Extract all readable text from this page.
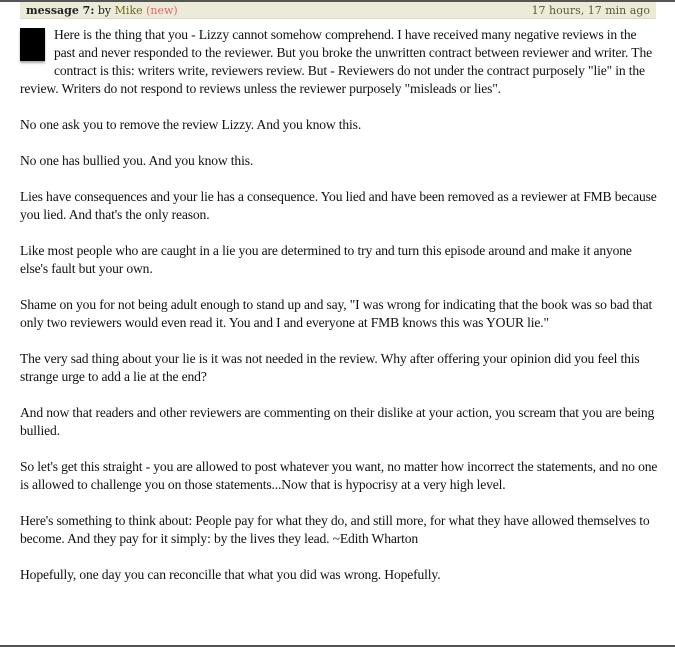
message 7: by Mike (new)	17 hours, 17 min ago

Here is the thing that you - Lizzy cannot somehow comprehend. I have received many negative reviews in the past and never responded to the reviewer. But you broke the unwritten contract between reviewer and writer. The contract is this: writers write, reviewers review. But - Reviewers do not under the contract purposely "lie" in the review. Writers do not respond to reviews unless the reviewer purposely "misleads or lies".

No one ask you to remove the review Lizzy. And you know this.

No one has bullied you. And you know this.

Lies have consequences and your lie has a consequence. You lied and have been removed as a reviewer at FMB because you lied. And that's the only reason.

Like most people who are caught in a lie you are determined to try and turn this episode around and make it anyone else's fault but your own.

Shame on you for not being adult enough to stand up and say, "I was wrong for indicating that the book was so bad that only two reviewers would even read it. You and I and everyone at FMB knows this was YOUR lie."

The very sad thing about your lie is it was not needed in the review. Why after offering your opinion did you feel this strange urge to add a lie at the end?

And now that readers and other reviewers are commenting on their dislike at your action, you scream that you are being bullied.

So let's get this straight - you are allowed to post whatever you want, no matter how incorrect the statements, and no one is allowed to challenge you on those statements...Now that is hypocrisy at a very high level.

Here's something to think about: People pay for what they do, and still more, for what they have allowed themselves to become. And they pay for it simply: by the lives they lead. ~Edith Wharton

Hopefully, one day you can reconcille that what you did was wrong. Hopefully.
